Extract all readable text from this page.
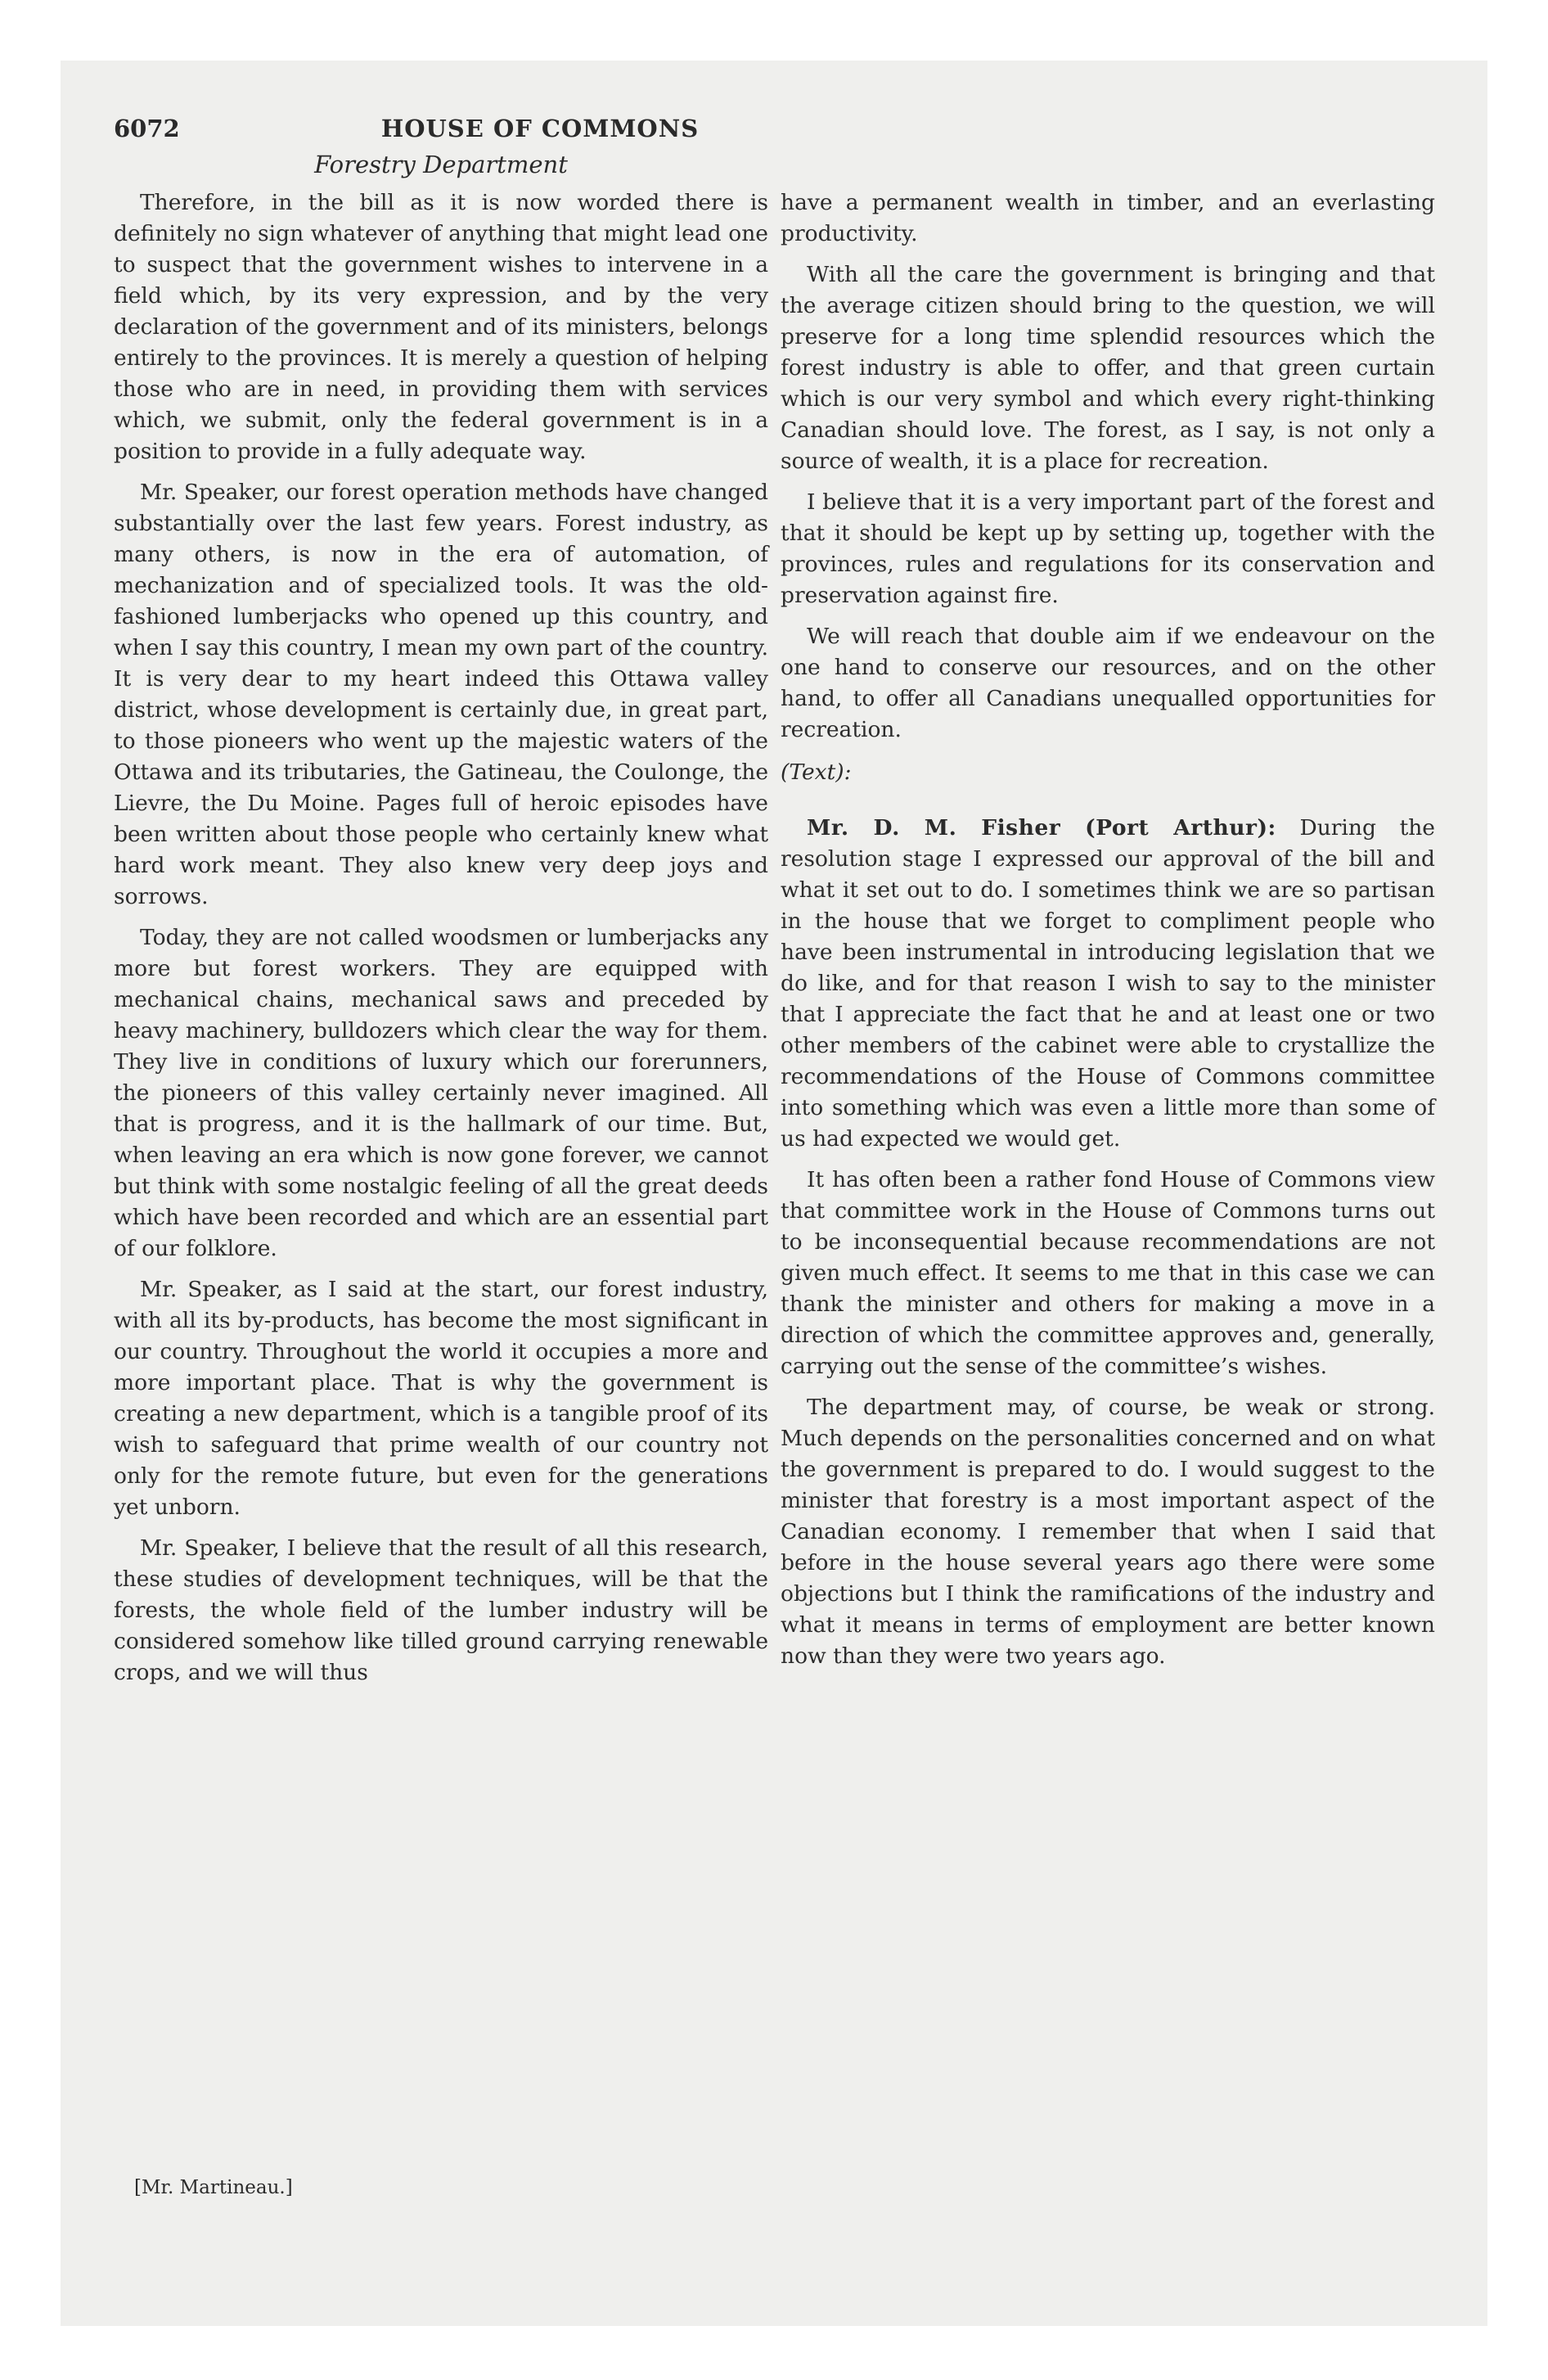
6072	HOUSE OF COMMONS
Forestry Department

Therefore, in the bill as it is now worded there is definitely no sign whatever of anything that might lead one to suspect that the government wishes to intervene in a field which, by its very expression, and by the very declaration of the government and of its ministers, belongs entirely to the provinces. It is merely a question of helping those who are in need, in providing them with services which, we submit, only the federal government is in a position to provide in a fully adequate way.

Mr. Speaker, our forest operation methods have changed substantially over the last few years. Forest industry, as many others, is now in the era of automation, of mechanization and of specialized tools. It was the old-fashioned lumberjacks who opened up this country, and when I say this country, I mean my own part of the country. It is very dear to my heart indeed this Ottawa valley district, whose development is certainly due, in great part, to those pioneers who went up the majestic waters of the Ottawa and its tributaries, the Gatineau, the Coulonge, the Lievre, the Du Moine. Pages full of heroic episodes have been written about those people who certainly knew what hard work meant. They also knew very deep joys and sorrows.

Today, they are not called woodsmen or lumberjacks any more but forest workers. They are equipped with mechanical chains, mechanical saws and preceded by heavy machinery, bulldozers which clear the way for them. They live in conditions of luxury which our forerunners, the pioneers of this valley certainly never imagined. All that is progress, and it is the hallmark of our time. But, when leaving an era which is now gone forever, we cannot but think with some nostalgic feeling of all the great deeds which have been recorded and which are an essential part of our folklore.

Mr. Speaker, as I said at the start, our forest industry, with all its by-products, has become the most significant in our country. Throughout the world it occupies a more and more important place. That is why the government is creating a new department, which is a tangible proof of its wish to safeguard that prime wealth of our country not only for the remote future, but even for the generations yet unborn.

Mr. Speaker, I believe that the result of all this research, these studies of development techniques, will be that the forests, the whole field of the lumber industry will be considered somehow like tilled ground carrying renewable crops, and we will thus

have a permanent wealth in timber, and an everlasting productivity.

With all the care the government is bringing and that the average citizen should bring to the question, we will preserve for a long time splendid resources which the forest industry is able to offer, and that green curtain which is our very symbol and which every right-thinking Canadian should love. The forest, as I say, is not only a source of wealth, it is a place for recreation.

I believe that it is a very important part of the forest and that it should be kept up by setting up, together with the provinces, rules and regulations for its conservation and preservation against fire.

We will reach that double aim if we endeavour on the one hand to conserve our resources, and on the other hand, to offer all Canadians unequalled opportunities for recreation.

(Text):

Mr. D. M. Fisher (Port Arthur): During the resolution stage I expressed our approval of the bill and what it set out to do. I sometimes think we are so partisan in the house that we forget to compliment people who have been instrumental in introducing legislation that we do like, and for that reason I wish to say to the minister that I appreciate the fact that he and at least one or two other members of the cabinet were able to crystallize the recommendations of the House of Commons committee into something which was even a little more than some of us had expected we would get.

It has often been a rather fond House of Commons view that committee work in the House of Commons turns out to be inconsequential because recommendations are not given much effect. It seems to me that in this case we can thank the minister and others for making a move in a direction of which the committee approves and, generally, carrying out the sense of the committee’s wishes.

The department may, of course, be weak or strong. Much depends on the personalities concerned and on what the government is prepared to do. I would suggest to the minister that forestry is a most important aspect of the Canadian economy. I remember that when I said that before in the house several years ago there were some objections but I think the ramifications of the industry and what it means in terms of employment are better known now than they were two years ago.

[Mr. Martineau.]
